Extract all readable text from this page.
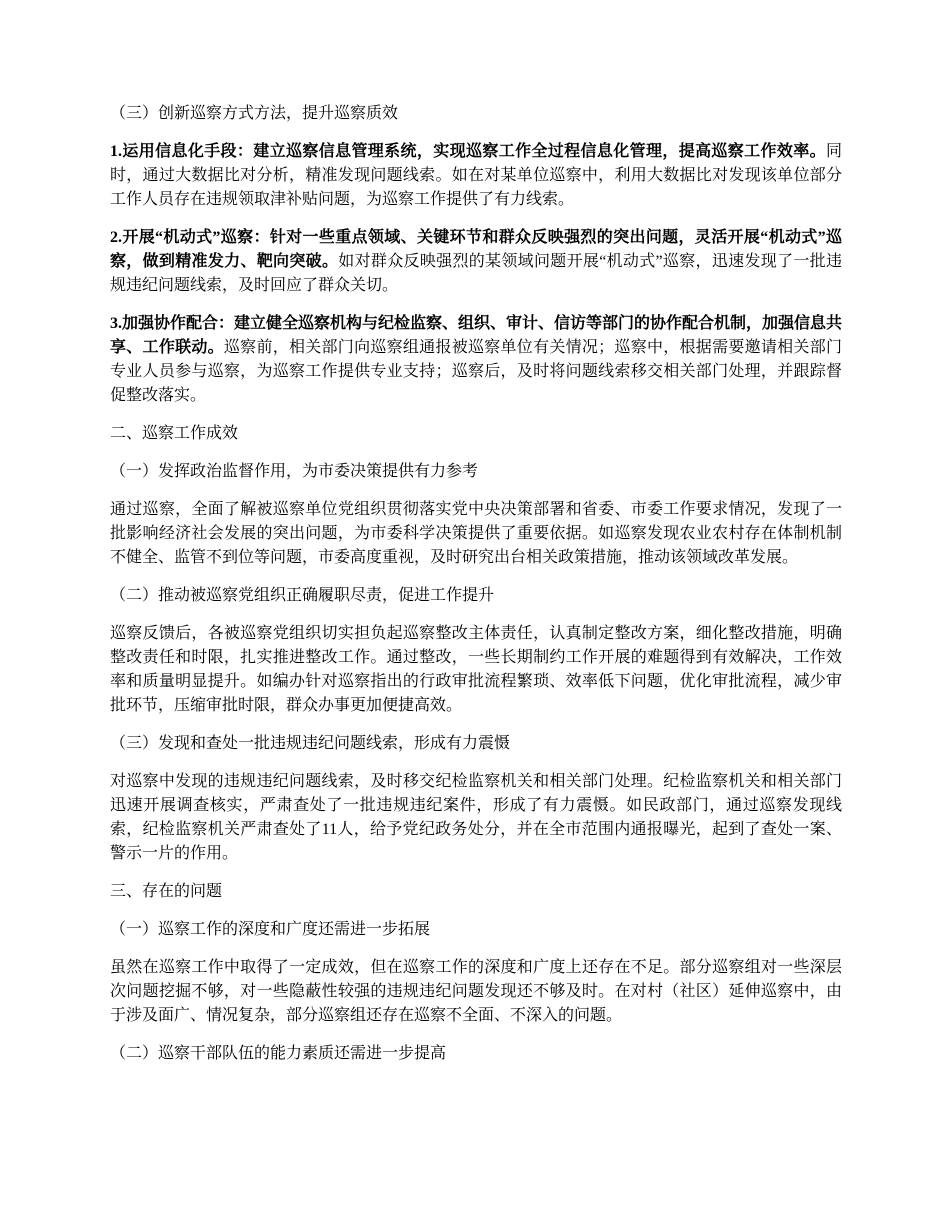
（三）创新巡察方式方法，提升巡察质效

1.运用信息化手段：建立巡察信息管理系统，实现巡察工作全过程信息化管理，提高巡察工作效率。同时，通过大数据比对分析，精准发现问题线索。如在对某单位巡察中，利用大数据比对发现该单位部分工作人员存在违规领取津补贴问题，为巡察工作提供了有力线索。

2.开展“机动式”巡察：针对一些重点领域、关键环节和群众反映强烈的突出问题，灵活开展“机动式”巡察，做到精准发力、靶向突破。如对群众反映强烈的某领域问题开展“机动式”巡察，迅速发现了一批违规违纪问题线索，及时回应了群众关切。

3.加强协作配合：建立健全巡察机构与纪检监察、组织、审计、信访等部门的协作配合机制，加强信息共享、工作联动。巡察前，相关部门向巡察组通报被巡察单位有关情况；巡察中，根据需要邀请相关部门专业人员参与巡察，为巡察工作提供专业支持；巡察后，及时将问题线索移交相关部门处理，并跟踪督促整改落实。

二、巡察工作成效

（一）发挥政治监督作用，为市委决策提供有力参考

通过巡察，全面了解被巡察单位党组织贯彻落实党中央决策部署和省委、市委工作要求情况，发现了一批影响经济社会发展的突出问题，为市委科学决策提供了重要依据。如巡察发现农业农村存在体制机制不健全、监管不到位等问题，市委高度重视，及时研究出台相关政策措施，推动该领域改革发展。

（二）推动被巡察党组织正确履职尽责，促进工作提升

巡察反馈后，各被巡察党组织切实担负起巡察整改主体责任，认真制定整改方案，细化整改措施，明确整改责任和时限，扎实推进整改工作。通过整改，一些长期制约工作开展的难题得到有效解决，工作效率和质量明显提升。如编办针对巡察指出的行政审批流程繁琐、效率低下问题，优化审批流程，减少审批环节，压缩审批时限，群众办事更加便捷高效。

（三）发现和查处一批违规违纪问题线索，形成有力震慑

对巡察中发现的违规违纪问题线索，及时移交纪检监察机关和相关部门处理。纪检监察机关和相关部门迅速开展调查核实，严肃查处了一批违规违纪案件，形成了有力震慑。如民政部门，通过巡察发现线索，纪检监察机关严肃查处了11人，给予党纪政务处分，并在全市范围内通报曝光，起到了查处一案、警示一片的作用。

三、存在的问题

（一）巡察工作的深度和广度还需进一步拓展

虽然在巡察工作中取得了一定成效，但在巡察工作的深度和广度上还存在不足。部分巡察组对一些深层次问题挖掘不够，对一些隐蔽性较强的违规违纪问题发现还不够及时。在对村（社区）延伸巡察中，由于涉及面广、情况复杂，部分巡察组还存在巡察不全面、不深入的问题。

（二）巡察干部队伍的能力素质还需进一步提高
